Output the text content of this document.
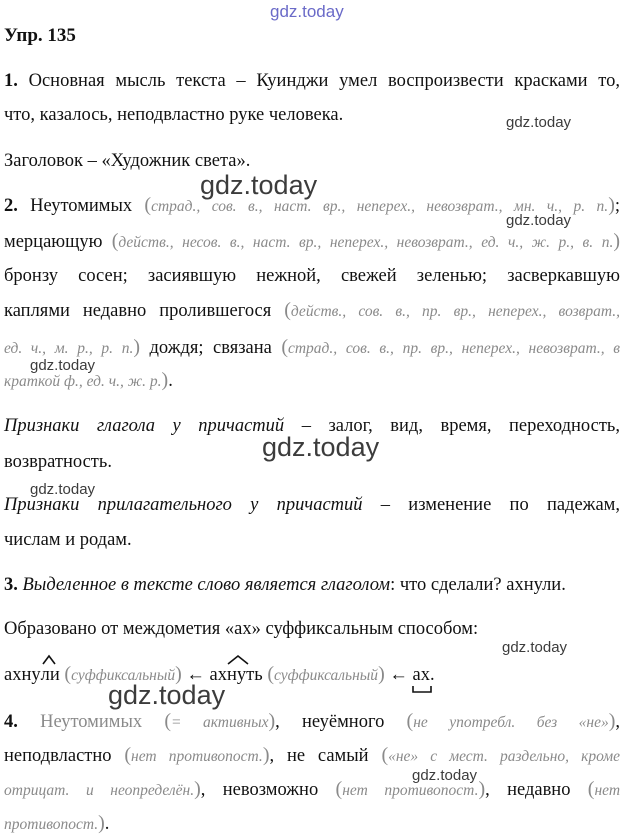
gdz.today
gdz.today
gdz.today
gdz.today
gdz.today
gdz.today
gdz.today
gdz.today
gdz.today
gdz.today
Упр. 135
1. Основная мысль текста – Куинджи умел воспроизвести красками то,
что, казалось, неподвластно руке человека.
Заголовок – «Художник света».
2. Неутомимых (страд., сов. в., наст. вр., неперех., невозврат., мн. ч., р. п.);
мерцающую (действ., несов. в., наст. вр., неперех., невозврат., ед. ч., ж. р., в. п.)
бронзу сосен; засиявшую нежной, свежей зеленью; засверкавшую
каплями недавно пролившегося (действ., сов. в., пр. вр., неперех., возврат.,
ед. ч., м. р., р. п.) дождя; связана (страд., сов. в., пр. вр., неперех., невозврат., в
краткой ф., ед. ч., ж. р.).
Признаки глагола у причастий – залог, вид, время, переходность,
возвратность.
Признаки прилагательного у причастий – изменение по падежам,
числам и родам.
3. Выделенное в тексте слово является глаголом: что сделали? ахнули.
Образовано от междометия «ах» суффиксальным способом:
ахнули (суффиксальный) ← ахну
ть (суффиксальный) ← ах
.
4. Неутомимых (= активных), неуёмного (не употребл. без «не»),
неподвластно (нет противопост.), не самый («не» с мест. раздельно, кроме
отрицат. и неопределён.), невозможно (нет противопост.), недавно (нет
противопост.).
